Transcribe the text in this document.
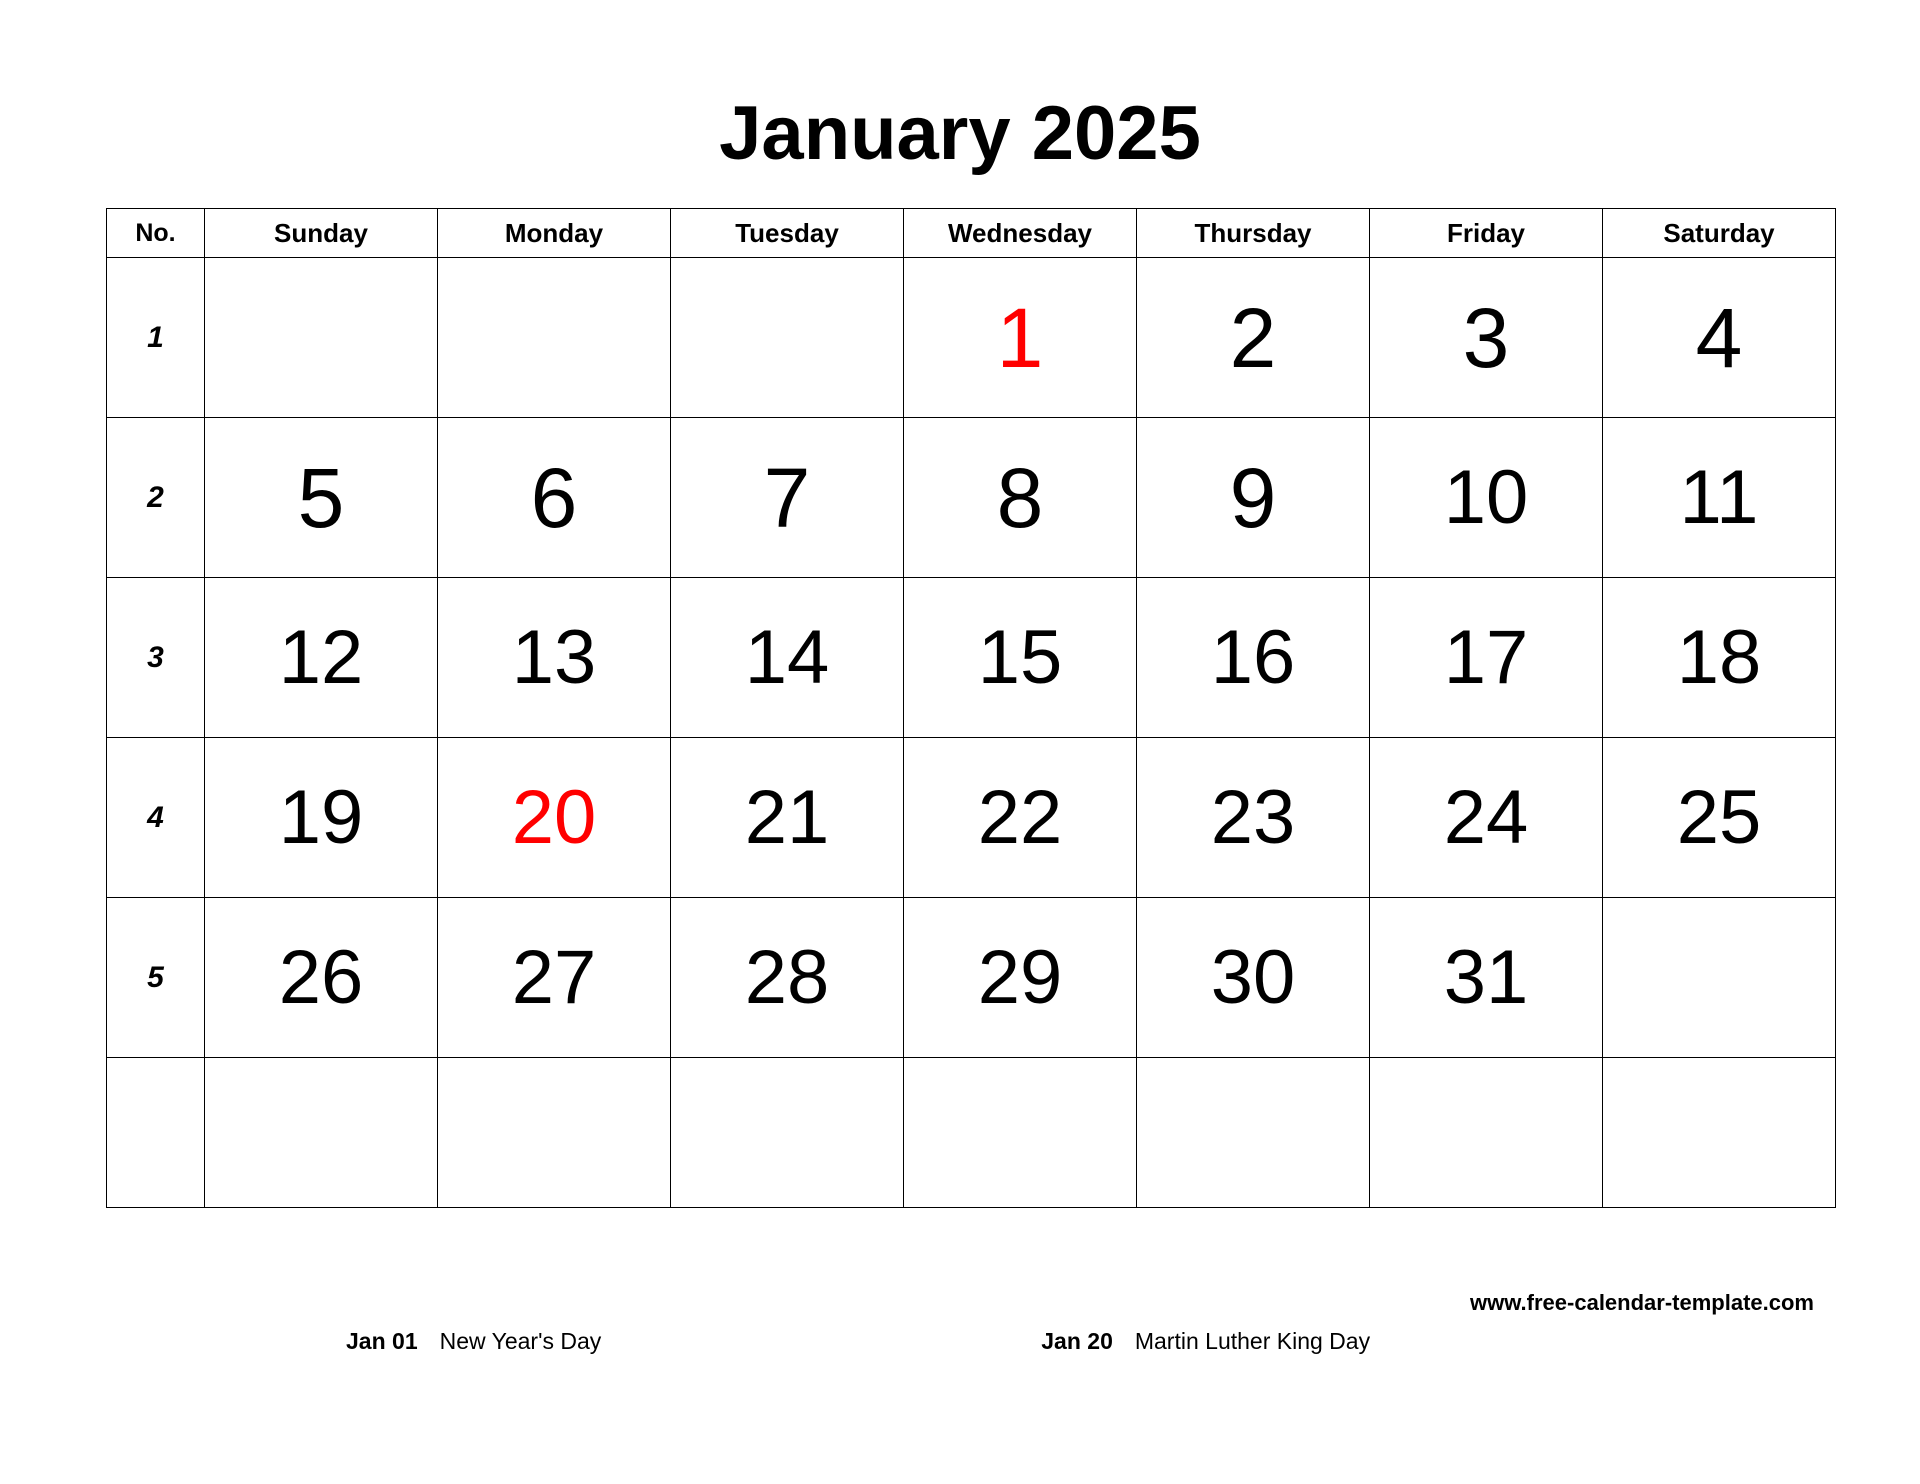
January 2025
No.	Sunday	Monday	Tuesday	Wednesday	Thursday	Friday	Saturday
1				1	2	3	4
2	5	6	7	8	9	10	11
3	12	13	14	15	16	17	18
4	19	20	21	22	23	24	25
5	26	27	28	29	30	31	

www.free-calendar-template.com
Jan 01 New Year's Day	Jan 20 Martin Luther King Day
